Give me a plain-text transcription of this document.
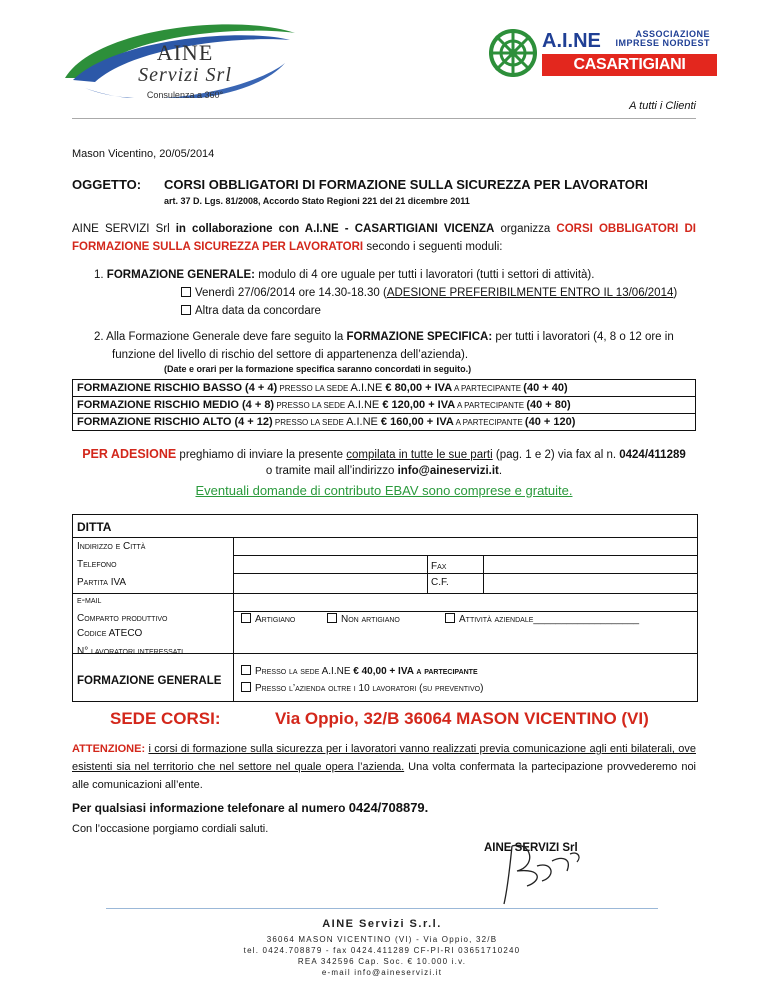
AINE
Servizi Srl
Consulenza a 360°
A.I.NE	ASSOCIAZIONE
IMPRESE NORDEST
CASARTIGIANI VICENZA
A tutti i Clienti
Mason Vicentino, 20/05/2014
OGGETTO: CORSI OBBLIGATORI DI FORMAZIONE SULLA SICUREZZA PER LAVORATORI
art. 37 D. Lgs. 81/2008, Accordo Stato Regioni 221 del 21 dicembre 2011
AINE SERVIZI Srl in collaborazione con A.I.NE - CASARTIGIANI VICENZA organizza CORSI OBBLIGATORI DI FORMAZIONE SULLA SICUREZZA PER LAVORATORI secondo i seguenti moduli:
1. FORMAZIONE GENERALE: modulo di 4 ore uguale per tutti i lavoratori (tutti i settori di attività).
Venerdì 27/06/2014 ore 14.30-18.30 (ADESIONE PREFERIBILMENTE ENTRO IL 13/06/2014)
Altra data da concordare
2. Alla Formazione Generale deve fare seguito la FORMAZIONE SPECIFICA: per tutti i lavoratori (4, 8 o 12 ore in
funzione del livello di rischio del settore di appartenenza dell’azienda).
(Date e orari per la formazione specifica saranno concordati in seguito.)
FORMAZIONE RISCHIO BASSO (4 + 4) PRESSO LA SEDE A.I.NE € 80,00 + IVA A PARTECIPANTE (40 + 40)
FORMAZIONE RISCHIO MEDIO (4 + 8) PRESSO LA SEDE A.I.NE € 120,00 + IVA A PARTECIPANTE (40 + 80)
FORMAZIONE RISCHIO ALTO (4 + 12) PRESSO LA SEDE A.I.NE € 160,00 + IVA A PARTECIPANTE (40 + 120)
PER ADESIONE preghiamo di inviare la presente compilata in tutte le sue parti (pag. 1 e 2) via fax al n. 0424/411289
o tramite mail all’indirizzo info@aineservizi.it.
Eventuali domande di contributo EBAV sono comprese e gratuite.
DITTA
Indirizzo e Città
Telefono	Fax
Partita IVA	C.F.
e-mail
Comparto produttivo	Artigiano	Non artigiano	Attività aziendale___________________
Codice ATECO
N° lavoratori interessati
FORMAZIONE GENERALE
Presso la sede A.I.NE € 40,00 + IVA a partecipante
Presso l’azienda oltre i 10 lavoratori (su preventivo)
SEDE CORSI:	Via Oppio, 32/B 36064 MASON VICENTINO (VI)
ATTENZIONE: i corsi di formazione sulla sicurezza per i lavoratori vanno realizzati previa comunicazione agli enti bilaterali, ove esistenti sia nel territorio che nel settore nel quale opera l’azienda. Una volta confermata la partecipazione provvederemo noi alle comunicazioni all’ente.
Per qualsiasi informazione telefonare al numero 0424/708879.
Con l’occasione porgiamo cordiali saluti.
AINE SERVIZI Srl
AINE Servizi S.r.l.
36064 MASON VICENTINO (VI) - Via Oppio, 32/B
tel. 0424.708879 - fax 0424.411289 CF-PI-RI 03651710240
REA 342596 Cap. Soc. € 10.000 i.v.
e-mail info@aineservizi.it
